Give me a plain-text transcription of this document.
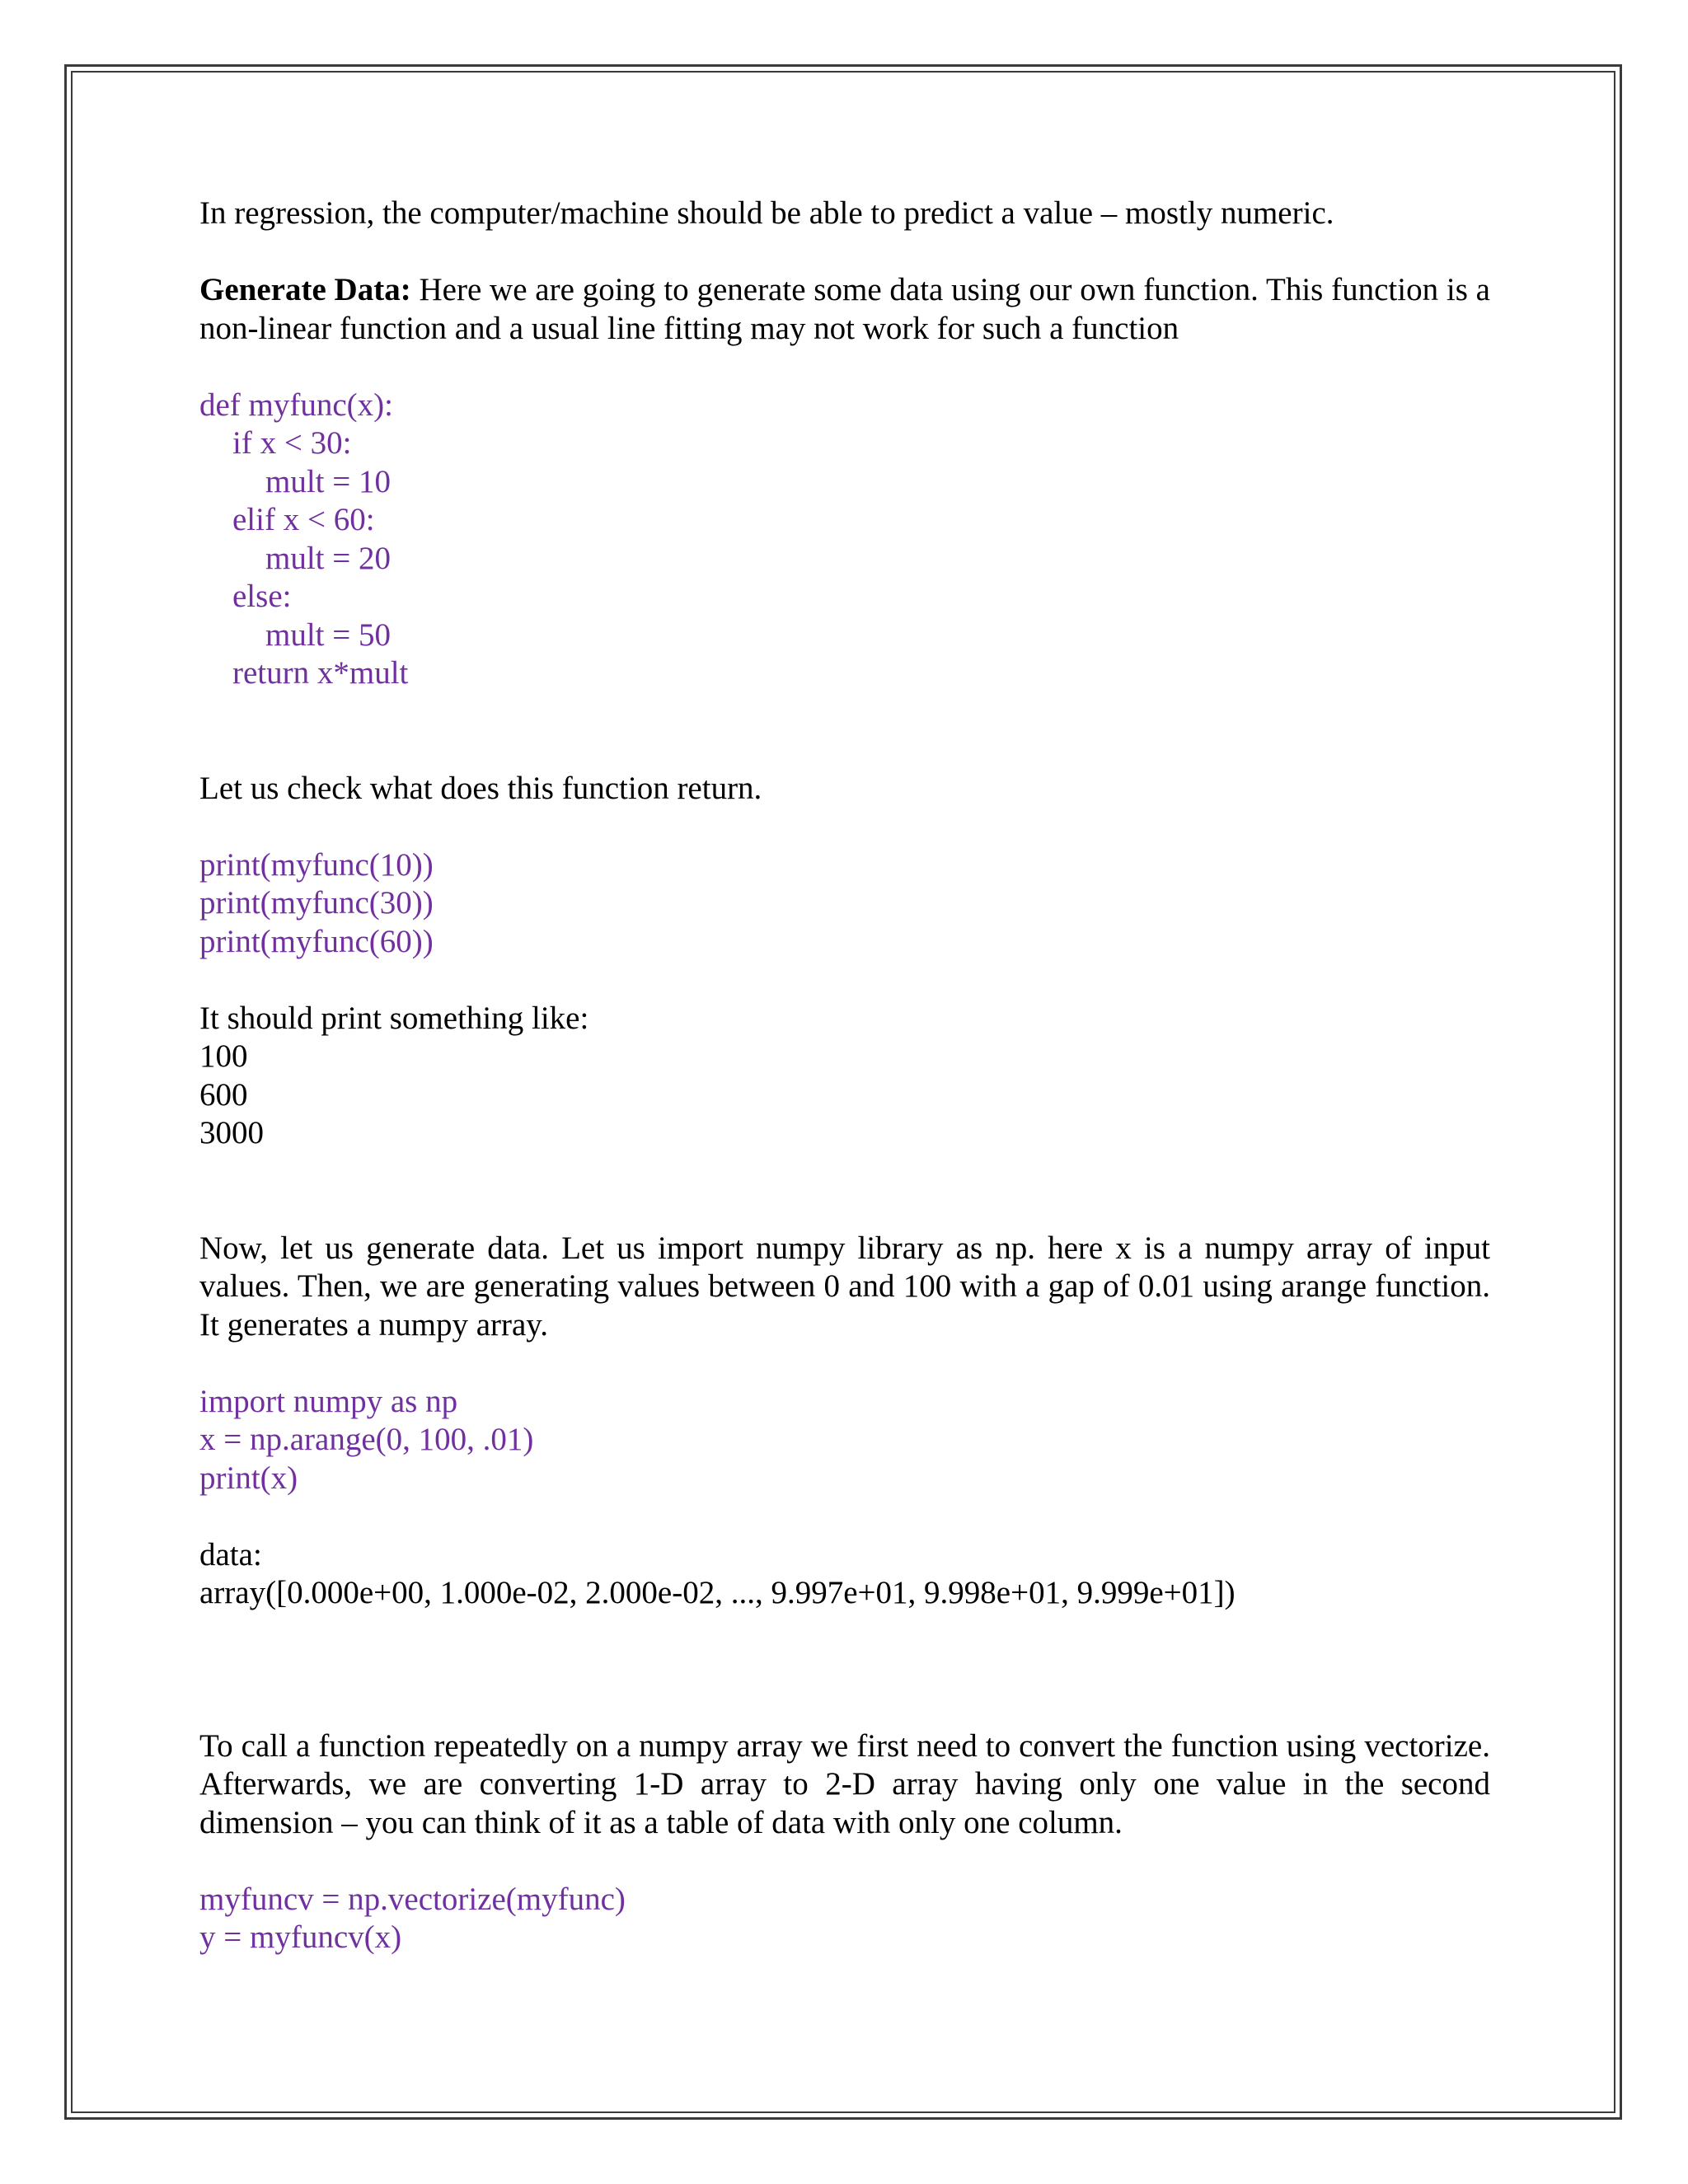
In regression, the computer/machine should be able to predict a value – mostly numeric.

Generate Data: Here we are going to generate some data using our own function. This function is a non-linear function and a usual line fitting may not work for such a function

def myfunc(x):

if x < 30:

mult = 10

elif x < 60:

mult = 20

else:

mult = 50

return x*mult

Let us check what does this function return.

print(myfunc(10))

print(myfunc(30))

print(myfunc(60))

It should print something like:

100

600

3000

Now, let us generate data. Let us import numpy library as np. here x is a numpy array of input values. Then, we are generating values between 0 and 100 with a gap of 0.01 using arange function. It generates a numpy array.

import numpy as np

x = np.arange(0, 100, .01)

print(x)

data:

array([0.000e+00, 1.000e-02, 2.000e-02, ..., 9.997e+01, 9.998e+01, 9.999e+01])

To call a function repeatedly on a numpy array we first need to convert the function using vectorize. Afterwards, we are converting 1-D array to 2-D array having only one value in the second dimension – you can think of it as a table of data with only one column.

myfuncv = np.vectorize(myfunc)

y = myfuncv(x)
